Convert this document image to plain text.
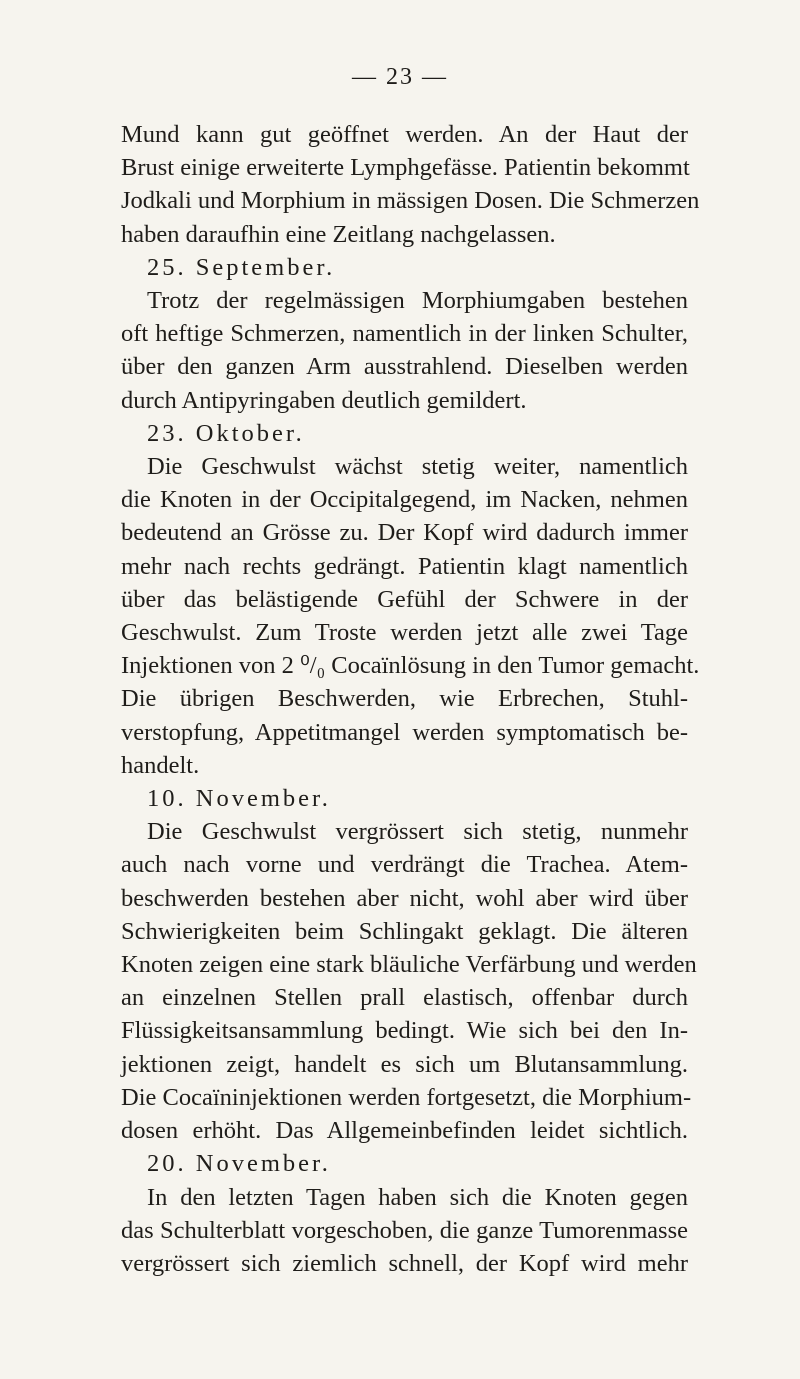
— 23 —
Mund kann gut geöffnet werden. An der Haut der
Brust einige erweiterte Lymphgefässe. Patientin bekommt
Jodkali und Morphium in mässigen Dosen. Die Schmerzen
haben daraufhin eine Zeitlang nachgelassen.
25. September.
Trotz der regelmässigen Morphiumgaben bestehen
oft heftige Schmerzen, namentlich in der linken Schulter,
über den ganzen Arm ausstrahlend. Dieselben werden
durch Antipyringaben deutlich gemildert.
23. Oktober.
Die Geschwulst wächst stetig weiter, namentlich
die Knoten in der Occipitalgegend, im Nacken, nehmen
bedeutend an Grösse zu. Der Kopf wird dadurch immer
mehr nach rechts gedrängt. Patientin klagt namentlich
über das belästigende Gefühl der Schwere in der
Geschwulst. Zum Troste werden jetzt alle zwei Tage
Injektionen von 2 ⁰/₀ Cocaïnlösung in den Tumor gemacht.
Die übrigen Beschwerden, wie Erbrechen, Stuhl-
verstopfung, Appetitmangel werden symptomatisch be-
handelt.
10. November.
Die Geschwulst vergrössert sich stetig, nunmehr
auch nach vorne und verdrängt die Trachea. Atem-
beschwerden bestehen aber nicht, wohl aber wird über
Schwierigkeiten beim Schlingakt geklagt. Die älteren
Knoten zeigen eine stark bläuliche Verfärbung und werden
an einzelnen Stellen prall elastisch, offenbar durch
Flüssigkeitsansammlung bedingt. Wie sich bei den In-
jektionen zeigt, handelt es sich um Blutansammlung.
Die Cocaïninjektionen werden fortgesetzt, die Morphium-
dosen erhöht. Das Allgemeinbefinden leidet sichtlich.
20. November.
In den letzten Tagen haben sich die Knoten gegen
das Schulterblatt vorgeschoben, die ganze Tumorenmasse
vergrössert sich ziemlich schnell, der Kopf wird mehr
